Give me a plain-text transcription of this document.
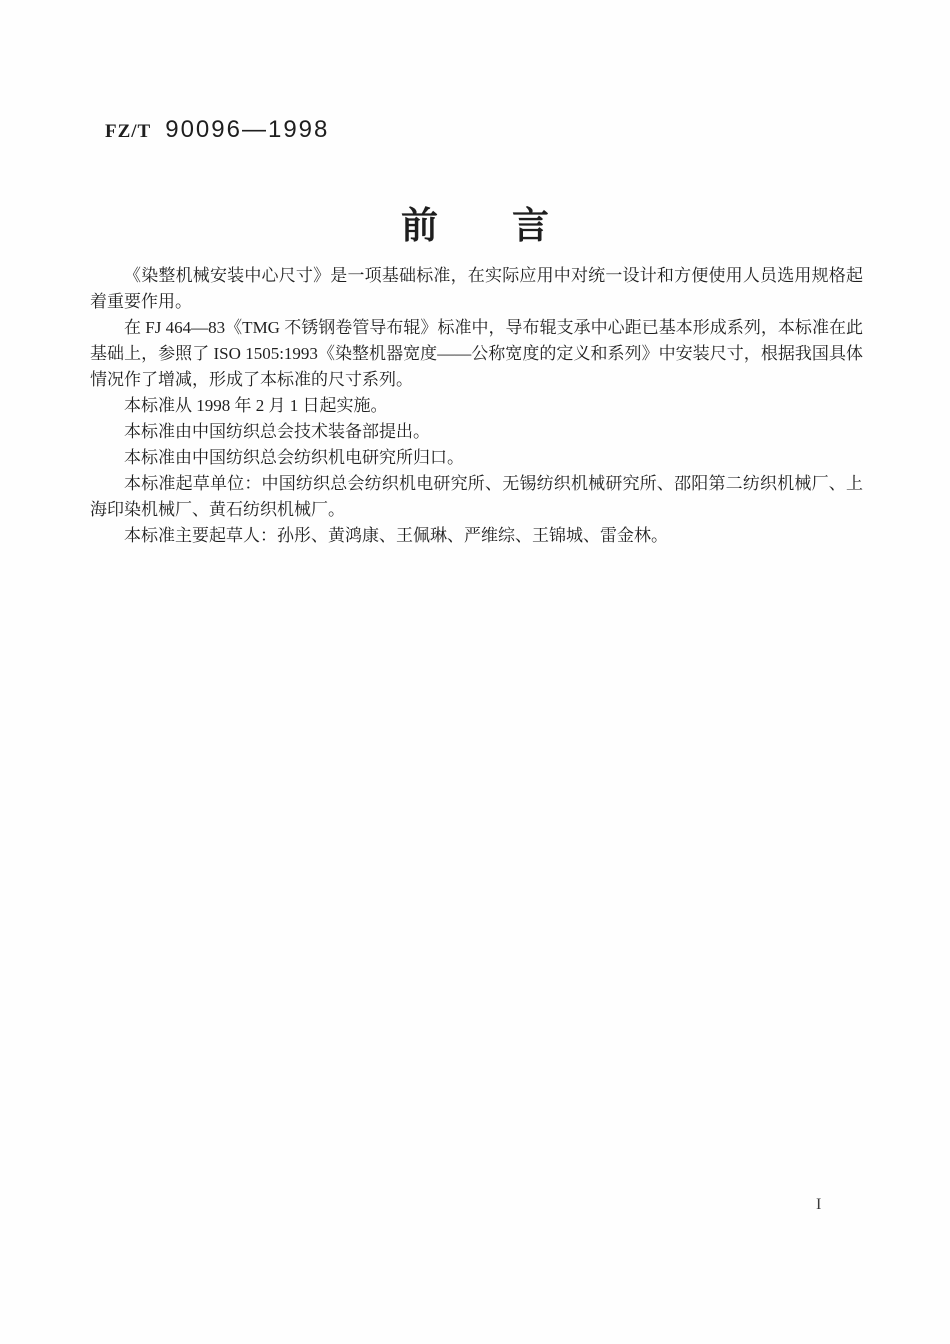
FZ/T 90096—1998
前　　言

《染整机械安装中心尺寸》是一项基础标准，在实际应用中对统一设计和方便使用人员选用规格起着重要作用。

在 FJ 464—83《TMG 不锈钢卷管导布辊》标准中，导布辊支承中心距已基本形成系列，本标准在此基础上，参照了 ISO 1505:1993《染整机器宽度——公称宽度的定义和系列》中安装尺寸，根据我国具体情况作了增减，形成了本标准的尺寸系列。

本标准从 1998 年 2 月 1 日起实施。

本标准由中国纺织总会技术装备部提出。

本标准由中国纺织总会纺织机电研究所归口。

本标准起草单位：中国纺织总会纺织机电研究所、无锡纺织机械研究所、邵阳第二纺织机械厂、上海印染机械厂、黄石纺织机械厂。

本标准主要起草人：孙彤、黄鸿康、王佩琳、严维综、王锦城、雷金林。

I
